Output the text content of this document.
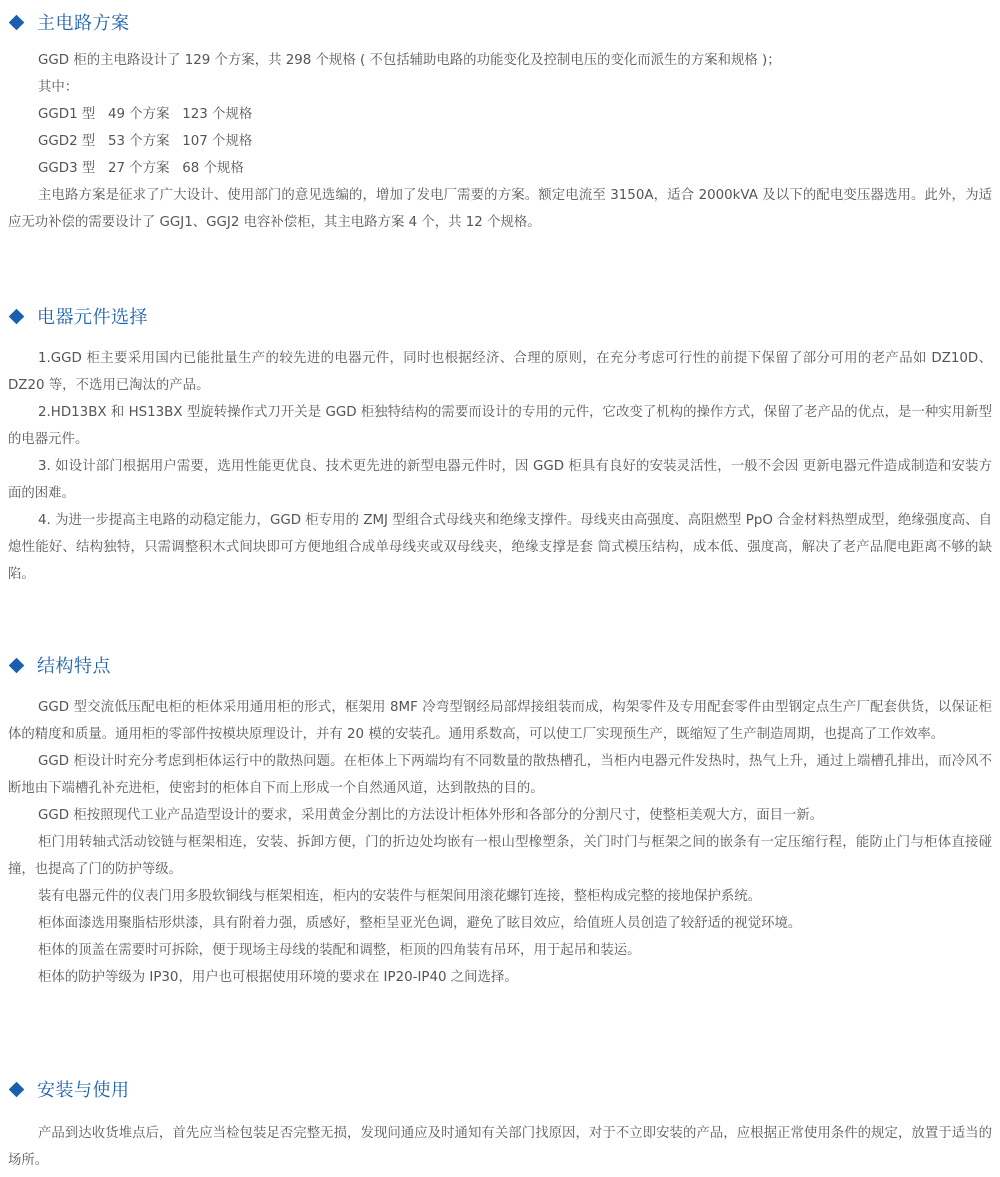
主电路方案

GGD 柜的主电路设计了 129 个方案，共 298 个规格 ( 不包括辅助电路的功能变化及控制电压的变化而派生的方案和规格 )；

其中：

GGD1 型   49 个方案   123 个规格

GGD2 型   53 个方案   107 个规格

GGD3 型   27 个方案   68 个规格

主电路方案是征求了广大设计、使用部门的意见选编的，增加了发电厂需要的方案。额定电流至 3150A，适合 2000kVA 及以下的配电变压器选用。此外，为适应无功补偿的需要设计了 GGJ1、GGJ2 电容补偿柜，其主电路方案 4 个，共 12 个规格。

电器元件选择

1.GGD 柜主要采用国内已能批量生产的较先进的电器元件，同时也根据经济、合理的原则，在充分考虑可行性的前提下保留了部分可用的老产品如 DZ10D、DZ20 等，不选用已淘汰的产品。

2.HD13BX 和 HS13BX 型旋转操作式刀开关是 GGD 柜独特结构的需要而设计的专用的元件，它改变了机构的操作方式，保留了老产品的优点，是一种实用新型的电器元件。

3. 如设计部门根据用户需要，选用性能更优良、技术更先进的新型电器元件时，因 GGD 柜具有良好的安装灵活性，一般不会因 更新电器元件造成制造和安装方面的困难。

4. 为进一步提高主电路的动稳定能力，GGD 柜专用的 ZMJ 型组合式母线夹和绝缘支撑件。母线夹由高强度、高阻燃型 PpO 合金材料热塑成型，绝缘强度高、自熄性能好、结构独特，只需调整积木式间块即可方便地组合成单母线夹或双母线夹，绝缘支撑是套 筒式模压结构，成本低、强度高，解决了老产品爬电距离不够的缺陷。

结构特点

GGD 型交流低压配电柜的柜体采用通用柜的形式，框架用 8MF 冷弯型钢经局部焊接组装而成，构架零件及专用配套零件由型钢定点生产厂配套供货，以保证柜体的精度和质量。通用柜的零部件按模块原理设计，并有 20 模的安装孔。通用系数高，可以使工厂实现预生产，既缩短了生产制造周期，也提高了工作效率。

GGD 柜设计时充分考虑到柜体运行中的散热问题。在柜体上下两端均有不同数量的散热槽孔，当柜内电器元件发热时，热气上升，通过上端槽孔排出，而冷风不断地由下端槽孔补充进柜，使密封的柜体自下而上形成一个自然通风道，达到散热的目的。

GGD 柜按照现代工业产品造型设计的要求，采用黄金分割比的方法设计柜体外形和各部分的分割尺寸，使整柜美观大方，面目一新。

柜门用转轴式活动铰链与框架相连，安装、拆卸方便，门的折边处均嵌有一根山型橡塑条，关门时门与框架之间的嵌条有一定压缩行程，能防止门与柜体直接碰撞，也提高了门的防护等级。

装有电器元件的仪表门用多股软铜线与框架相连，柜内的安装件与框架间用滚花螺钉连接，整柜构成完整的接地保护系统。

柜体面漆选用聚脂桔形烘漆，具有附着力强，质感好，整柜呈亚光色调，避免了眩目效应，给值班人员创造了较舒适的视觉环境。

柜体的顶盖在需要时可拆除，便于现场主母线的装配和调整，柜顶的四角装有吊环，用于起吊和装运。

柜体的防护等级为 IP30，用户也可根据使用环境的要求在 IP20-IP40 之间选择。

安装与使用

产品到达收货堆点后，首先应当检包装足否完整无损，发现问通应及时通知有关部门找原因，对于不立即安装的产品，应根据正常使用条件的规定，放置于适当的场所。
